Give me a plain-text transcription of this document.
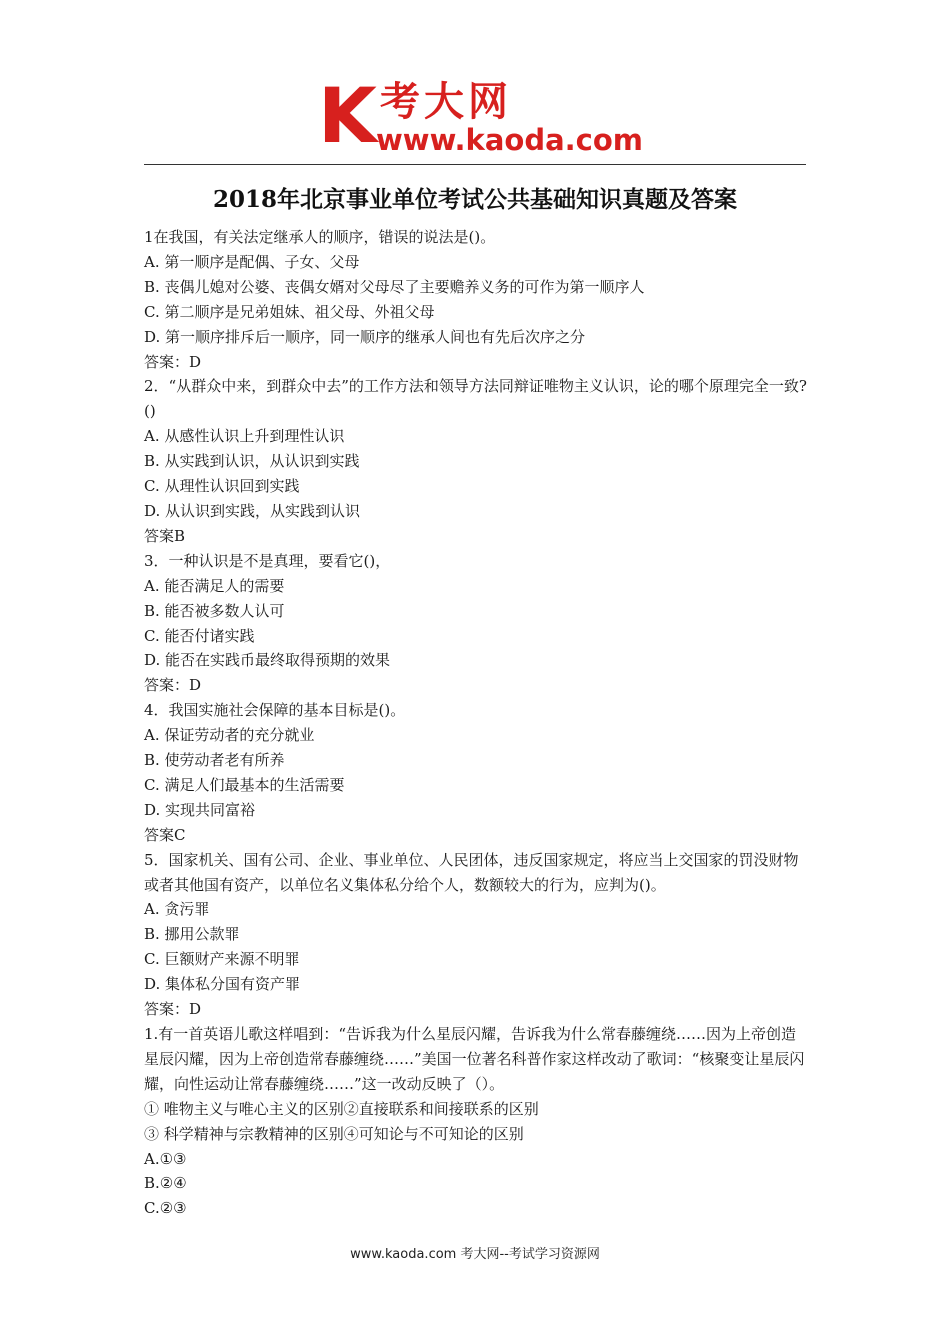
K 考大网
www.kaoda.com
2018年北京事业单位考试公共基础知识真题及答案
1在我国，有关法定继承人的顺序，错误的说法是()。
A. 第一顺序是配偶、子女、父母
B. 丧偶儿媳对公婆、丧偶女婿对父母尽了主要赡养义务的可作为第一顺序人
C. 第二顺序是兄弟姐妹、祖父母、外祖父母
D. 第一顺序排斥后一顺序，同一顺序的继承人间也有先后次序之分
答案：D
2．“从群众中来，到群众中去”的工作方法和领导方法同辩证唯物主义认识，论的哪个原理完全一致?()
A. 从感性认识上升到理性认识
B. 从实践到认识，从认识到实践
C. 从理性认识回到实践
D. 从认识到实践，从实践到认识
答案B
3．一种认识是不是真理，要看它()，
A. 能否满足人的需要
B. 能否被多数人认可
C. 能否付诸实践
D. 能否在实践币最终取得预期的效果
答案：D
4．我国实施社会保障的基本目标是()。
A. 保证劳动者的充分就业
B. 使劳动者老有所养
C. 满足人们最基本的生活需要
D. 实现共同富裕
答案C
5．国家机关、国有公司、企业、事业单位、人民团体，违反国家规定，将应当上交国家的罚没财物或者其他国有资产，以单位名义集体私分给个人，数额较大的行为，应判为()。
A. 贪污罪
B. 挪用公款罪
C. 巨额财产来源不明罪
D. 集体私分国有资产罪
答案：D
1.有一首英语儿歌这样唱到：“告诉我为什么星辰闪耀，告诉我为什么常春藤缠绕……因为上帝创造星辰闪耀，因为上帝创造常春藤缠绕……”美国一位著名科普作家这样改动了歌词：“核聚变让星辰闪耀，向性运动让常春藤缠绕……”这一改动反映了（）。
① 唯物主义与唯心主义的区别②直接联系和间接联系的区别
③ 科学精神与宗教精神的区别④可知论与不可知论的区别
A.①③
B.②④
C.②③
www.kaoda.com 考大网--考试学习资源网
